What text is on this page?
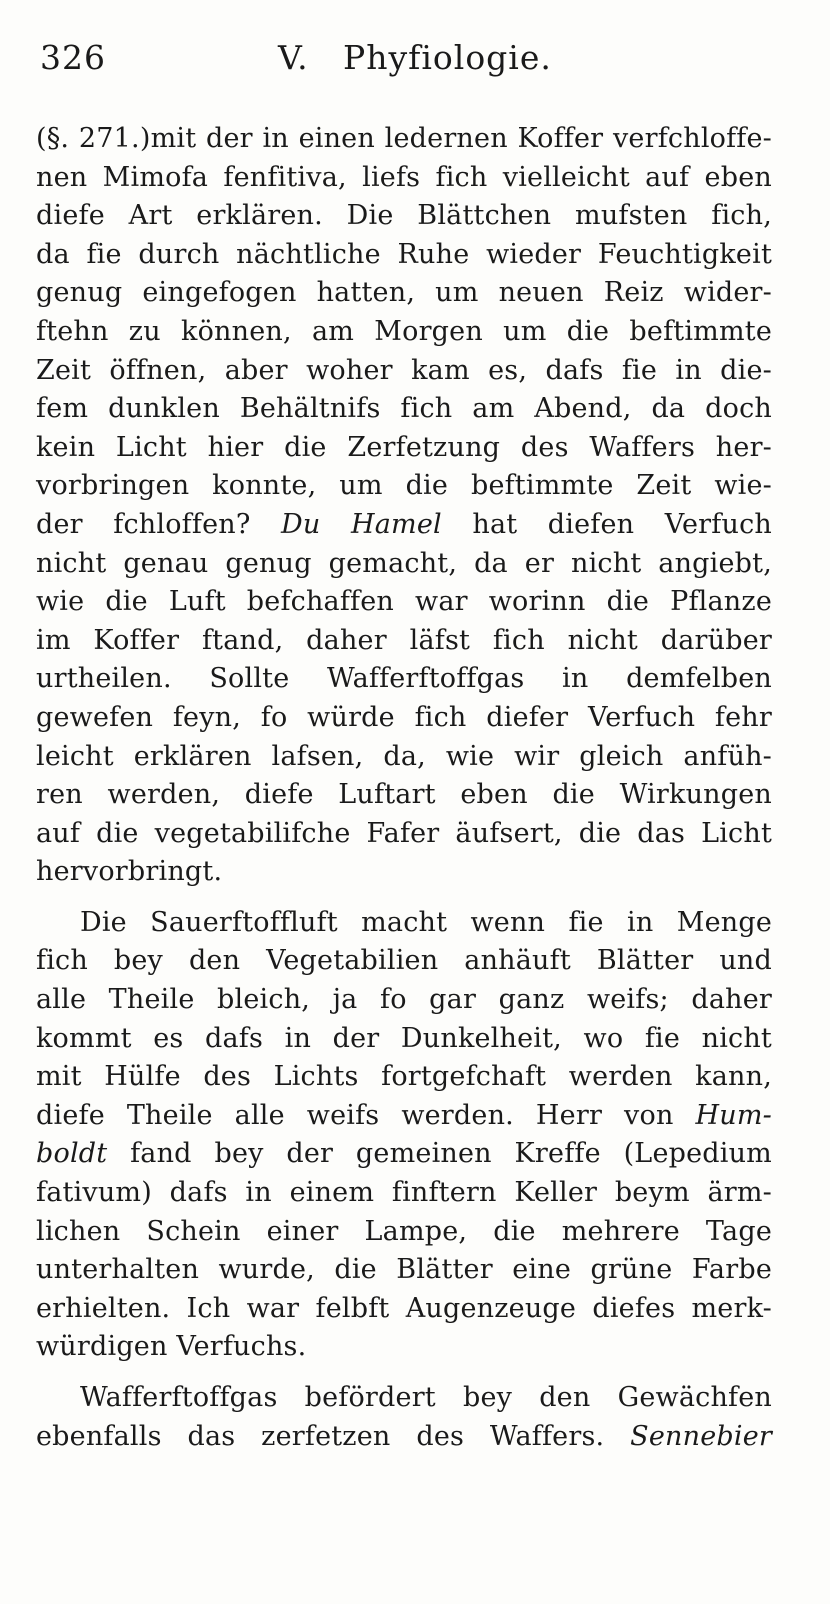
326	V.   Phyfiologie.
(§. 271.)mit der in einen ledernen Koffer verfchloffe-
nen Mimofa fenfitiva, liefs fich vielleicht auf eben
diefe Art erklären. Die Blättchen mufsten fich,
da fie durch nächtliche Ruhe wieder Feuchtigkeit
genug eingefogen hatten, um neuen Reiz wider-
ftehn zu können, am Morgen um die beftimmte
Zeit öffnen, aber woher kam es, dafs fie in die-
fem dunklen Behältnifs fich am Abend, da doch
kein Licht hier die Zerfetzung des Waffers her-
vorbringen konnte, um die beftimmte Zeit wie-
der fchloffen? Du Hamel hat diefen Verfuch
nicht genau genug gemacht, da er nicht angiebt,
wie die Luft befchaffen war worinn die Pflanze
im Koffer ftand, daher läfst fich nicht darüber
urtheilen. Sollte Wafferftoffgas in demfelben
gewefen feyn, fo würde fich diefer Verfuch fehr
leicht erklären lafsen, da, wie wir gleich anfüh-
ren werden, diefe Luftart eben die Wirkungen
auf die vegetabilifche Fafer äufsert, die das Licht
hervorbringt.
Die Sauerftoffluft macht wenn fie in Menge
fich bey den Vegetabilien anhäuft Blätter und
alle Theile bleich, ja fo gar ganz weifs; daher
kommt es dafs in der Dunkelheit, wo fie nicht
mit Hülfe des Lichts fortgefchaft werden kann,
diefe Theile alle weifs werden. Herr von Hum-
boldt fand bey der gemeinen Kreffe (Lepedium
fativum) dafs in einem finftern Keller beym ärm-
lichen Schein einer Lampe, die mehrere Tage
unterhalten wurde, die Blätter eine grüne Farbe
erhielten. Ich war felbft Augenzeuge diefes merk-
würdigen Verfuchs.
Wafferftoffgas befördert bey den Gewächfen
ebenfalls das zerfetzen des Waffers. Sennebier
